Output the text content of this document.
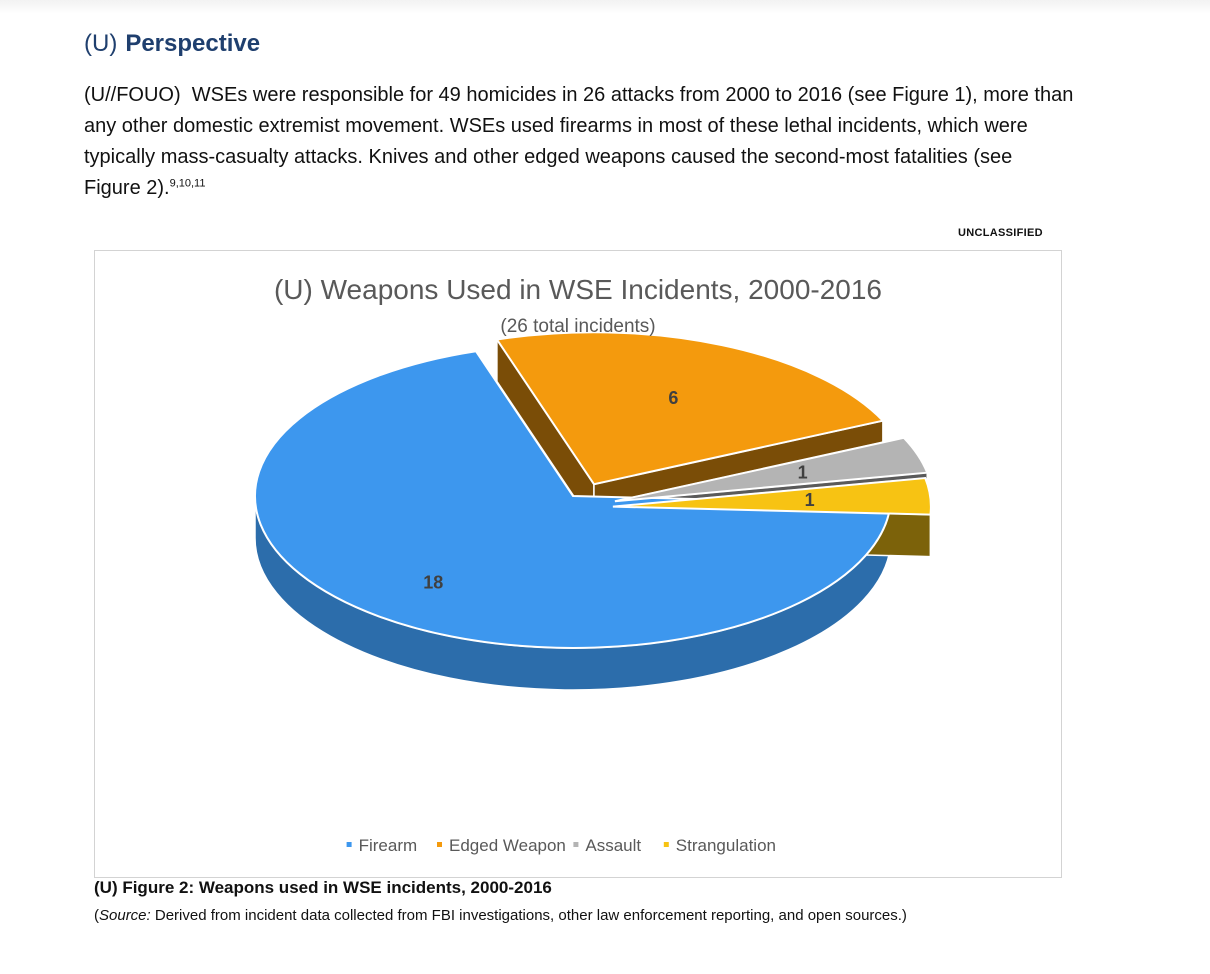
(U) Perspective
(U//FOUO) WSEs were responsible for 49 homicides in 26 attacks from 2000 to 2016 (see Figure 1), more than any other domestic extremist movement. WSEs used firearms in most of these lethal incidents, which were typically mass-casualty attacks. Knives and other edged weapons caused the second-most fatalities (see Figure 2).$^{9,10,11}$
UNCLASSIFIED
18
6
1
1
(U) Weapons Used in WSE Incidents, 2000-2016
(26 total incidents)
Firearm Edged Weapon Assault Strangulation
(U) Figure 2: Weapons used in WSE incidents, 2000-2016
(Source: Derived from incident data collected from FBI investigations, other law enforcement reporting, and open sources.)
